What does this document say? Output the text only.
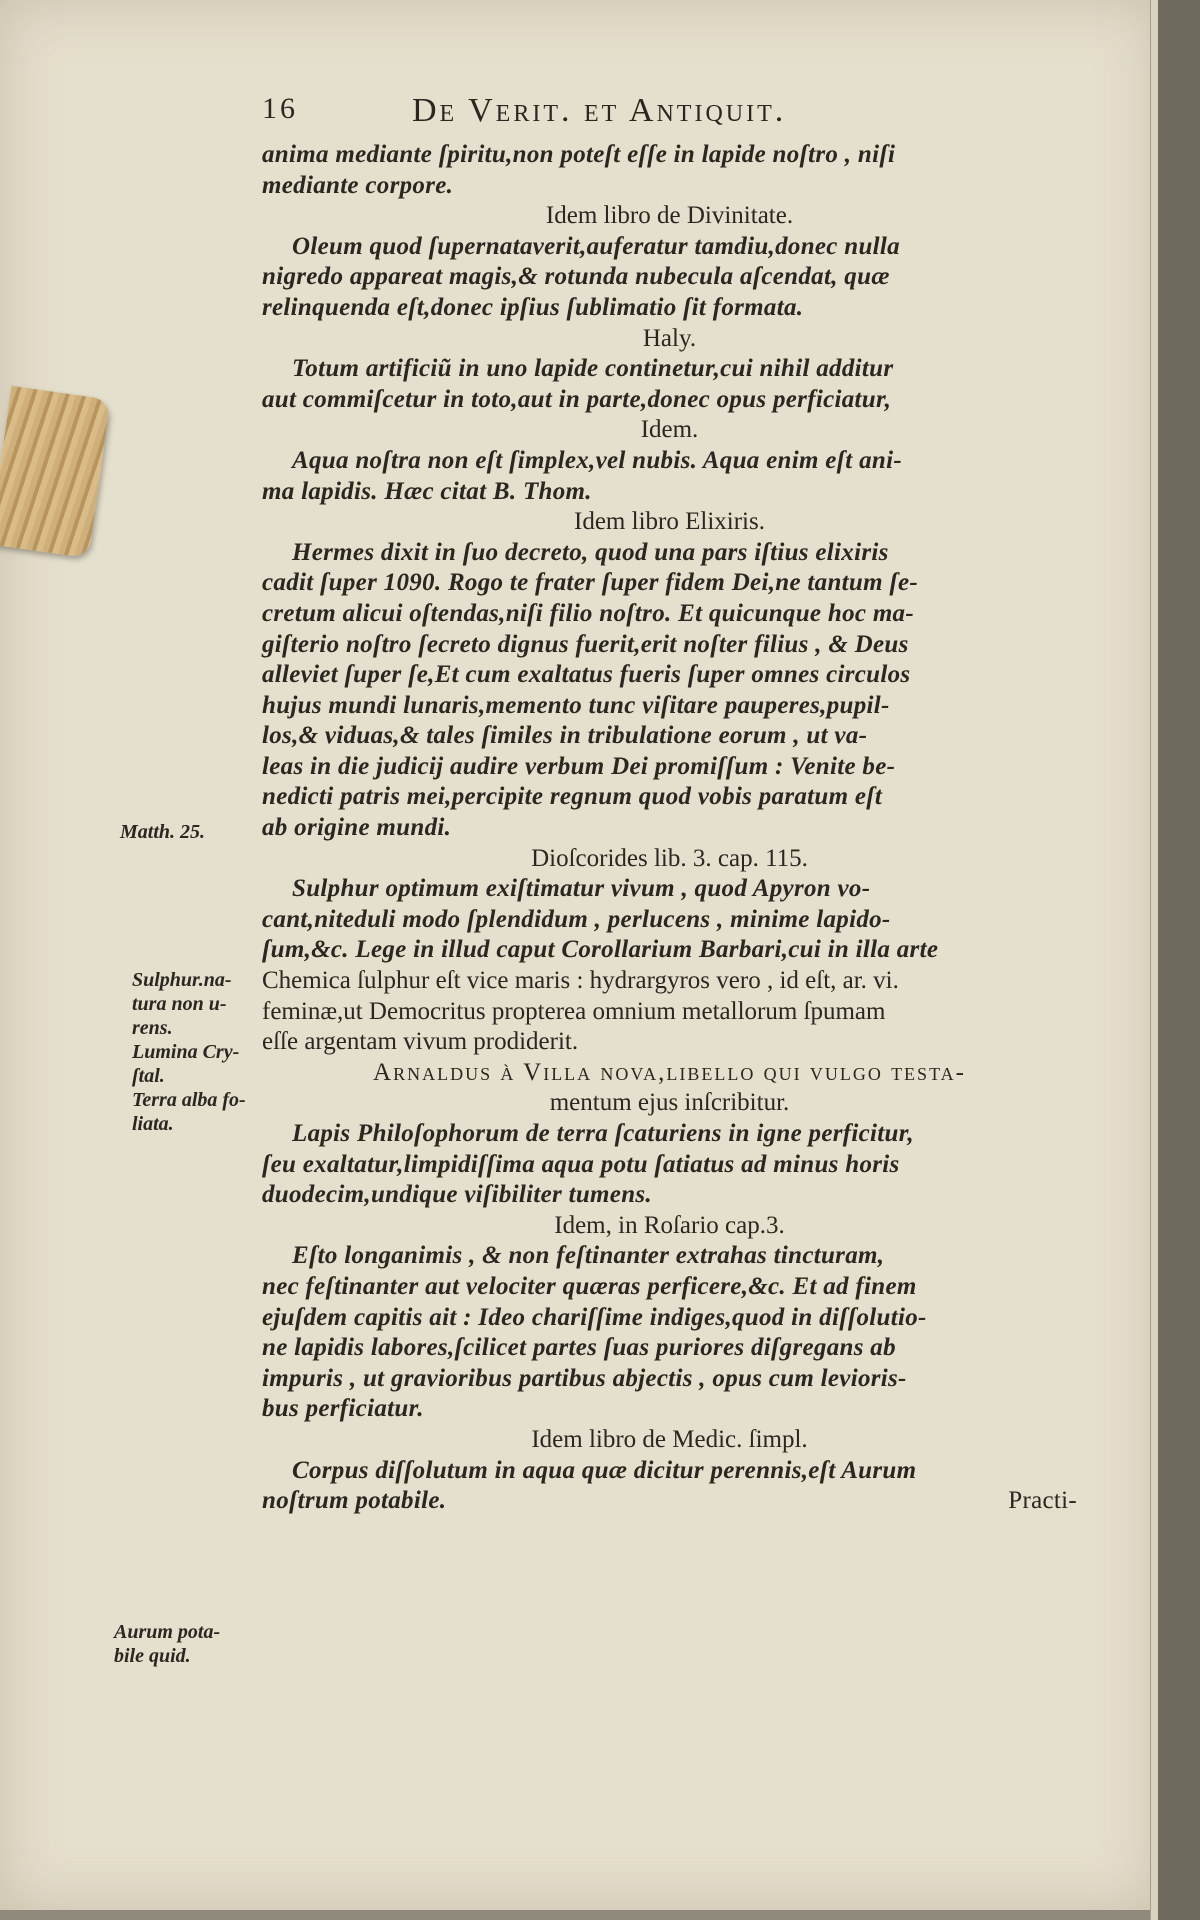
16	De Verit. et Antiquit.
anima mediante ſpiritu,non poteſt eſſe in lapide noſtro , niſi
mediante corpore.
Idem libro de Divinitate.
Oleum quod ſupernataverit,auferatur tamdiu,donec nulla
nigredo appareat magis,& rotunda nubecula aſcendat, quæ
relinquenda eſt,donec ipſius ſublimatio ſit formata.
Haly.
Totum artificiũ in uno lapide continetur,cui nihil additur
aut commiſcetur in toto,aut in parte,donec opus perficiatur,
Idem.
Aqua noſtra non eſt ſimplex,vel nubis. Aqua enim eſt ani-
ma lapidis. Hæc citat B. Thom.
Idem libro Elixiris.
Hermes dixit in ſuo decreto, quod una pars iſtius elixiris
cadit ſuper 1090. Rogo te frater ſuper fidem Dei,ne tantum ſe-
cretum alicui oſtendas,niſi filio noſtro. Et quicunque hoc ma-
giſterio noſtro ſecreto dignus fuerit,erit noſter filius , & Deus
alleviet ſuper ſe,Et cum exaltatus fueris ſuper omnes circulos
hujus mundi lunaris,memento tunc viſitare pauperes,pupil-
los,& viduas,& tales ſimiles in tribulatione eorum , ut va-
leas in die judicij audire verbum Dei promiſſum : Venite be-
nedicti patris mei,percipite regnum quod vobis paratum eſt
ab origine mundi.
Dioſcorides lib. 3. cap. 115.
Sulphur optimum exiſtimatur vivum , quod Apyron vo-
cant,niteduli modo ſplendidum , perlucens , minime lapido-
ſum,&c. Lege in illud caput Corollarium Barbari,cui in illa arte
Chemica ſulphur eſt vice maris : hydrargyros vero , id eſt, ar. vi.
feminæ,ut Democritus propterea omnium metallorum ſpumam
eſſe argentam vivum prodiderit.
Arnaldus à Villa nova,libello qui vulgo teſta-
mentum ejus inſcribitur.
Lapis Philoſophorum de terra ſcaturiens in igne perficitur,
ſeu exaltatur,limpidiſſima aqua potu ſatiatus ad minus horis
duodecim,undique viſibiliter tumens.
Idem, in Roſario cap.3.
Eſto longanimis , & non feſtinanter extrahas tincturam,
nec feſtinanter aut velociter quæras perficere,&c. Et ad finem
ejuſdem capitis ait : Ideo chariſſime indiges,quod in diſſolutio-
ne lapidis labores,ſcilicet partes ſuas puriores diſgregans ab
impuris , ut gravioribus partibus abjectis , opus cum levioris-
bus perficiatur.
Idem libro de Medic. ſimpl.
Corpus diſſolutum in aqua quæ dicitur perennis,eſt Aurum
noſtrum potabile.	Practi-
Matth. 25.
Sulphur.na-
tura non u-
rens.
Lumina Cry-
ſtal.
Terra alba fo-
liata.
Aurum pota-
bile quid.
